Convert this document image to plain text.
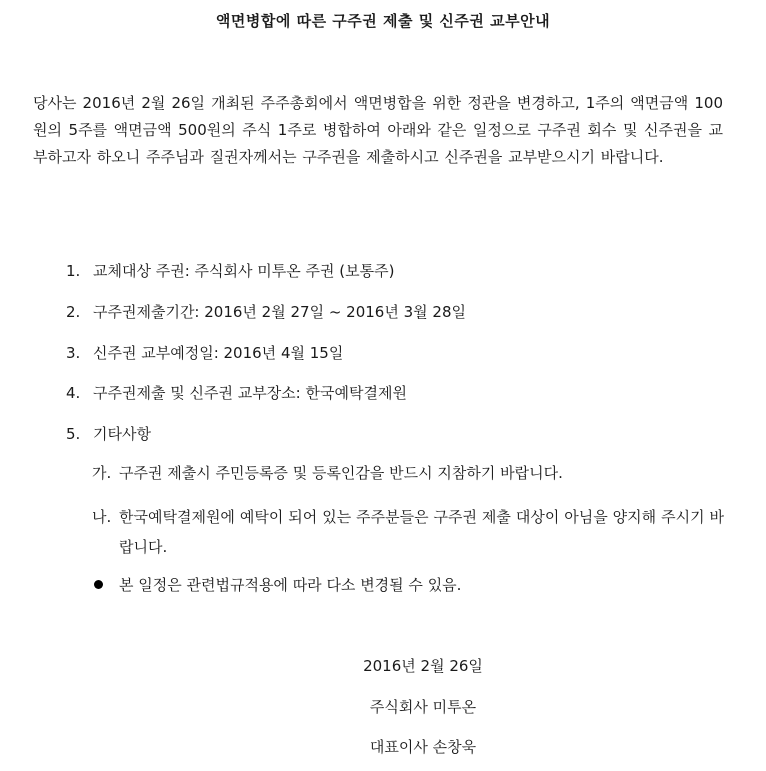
액면병합에 따른 구주권 제출 및 신주권 교부안내
당사는 2016년 2월 26일 개최된 주주총회에서 액면병합을 위한 정관을 변경하고, 1주의 액면금액 100원의 5주를 액면금액 500원의 주식 1주로 병합하여 아래와 같은 일정으로 구주권 회수 및 신주권을 교부하고자 하오니 주주님과 질권자께서는 구주권을 제출하시고 신주권을 교부받으시기 바랍니다.
1. 교체대상 주권: 주식회사 미투온 주권 (보통주)
2. 구주권제출기간: 2016년 2월 27일 ~ 2016년 3월 28일
3. 신주권 교부예정일: 2016년 4월 15일
4. 구주권제출 및 신주권 교부장소: 한국예탁결제원
5. 기타사항
가. 구주권 제출시 주민등록증 및 등록인감을 반드시 지참하기 바랍니다.
나. 한국예탁결제원에 예탁이 되어 있는 주주분들은 구주권 제출 대상이 아님을 양지해 주시기 바랍니다.
본 일정은 관련법규적용에 따라 다소 변경될 수 있음.
2016년 2월 26일
주식회사 미투온
대표이사 손창욱
